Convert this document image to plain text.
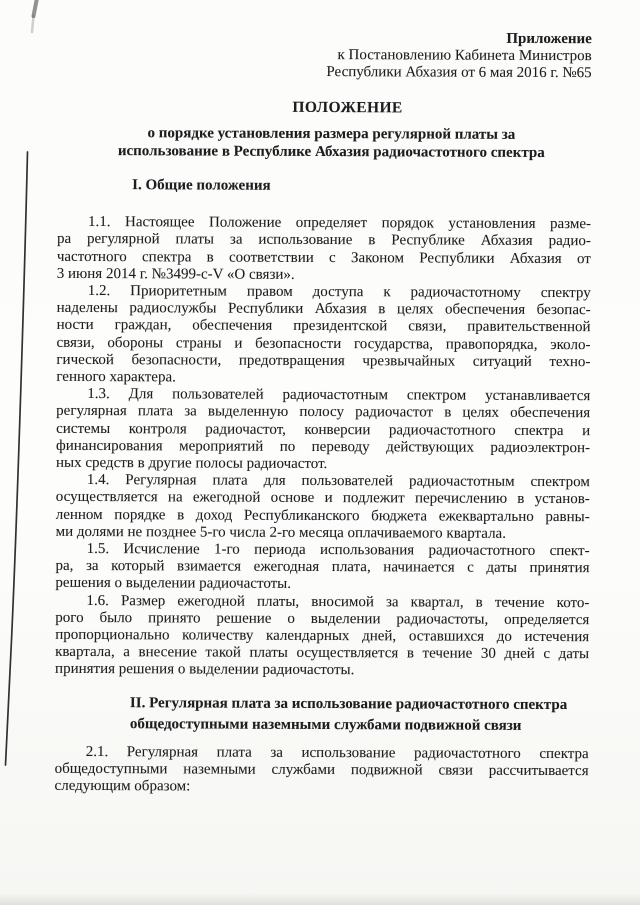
Приложение
к Постановлению Кабинета Министров
Республики Абхазия от 6 мая 2016 г. №65
ПОЛОЖЕНИЕ
о порядке установления размера регулярной платы за
использование в Республике Абхазия радиочастотного спектра
I. Общие положения
1.1. Настоящее Положение определяет порядок установления разме-
ра регулярной платы за использование в Республике Абхазия радио-
частотного спектра в соответствии с Законом Республики Абхазия от
3 июня 2014 г. №3499-с-V «О связи».
1.2. Приоритетным правом доступа к радиочастотному спектру
наделены радиослужбы Республики Абхазия в целях обеспечения безопас-
ности граждан, обеспечения президентской связи, правительственной
связи, обороны страны и безопасности государства, правопорядка, эколо-
гической безопасности, предотвращения чрезвычайных ситуаций техно-
генного характера.
1.3. Для пользователей радиочастотным спектром устанавливается
регулярная плата за выделенную полосу радиочастот в целях обеспечения
системы контроля радиочастот, конверсии радиочастотного спектра и
финансирования мероприятий по переводу действующих радиоэлектрон-
ных средств в другие полосы радиочастот.
1.4. Регулярная плата для пользователей радиочастотным спектром
осуществляется на ежегодной основе и подлежит перечислению в установ-
ленном порядке в доход Республиканского бюджета ежеквартально равны-
ми долями не позднее 5-го числа 2-го месяца оплачиваемого квартала.
1.5. Исчисление 1-го периода использования радиочастотного спект-
ра, за который взимается ежегодная плата, начинается с даты принятия
решения о выделении радиочастоты.
1.6. Размер ежегодной платы, вносимой за квартал, в течение кото-
рого было принято решение о выделении радиочастоты, определяется
пропорционально количеству календарных дней, оставшихся до истечения
квартала, а внесение такой платы осуществляется в течение 30 дней с даты
принятия решения о выделении радиочастоты.
II. Регулярная плата за использование радиочастотного спектра
общедоступными наземными службами подвижной связи
2.1. Регулярная плата за использование радиочастотного спектра
общедоступными наземными службами подвижной связи рассчитывается
следующим образом:
